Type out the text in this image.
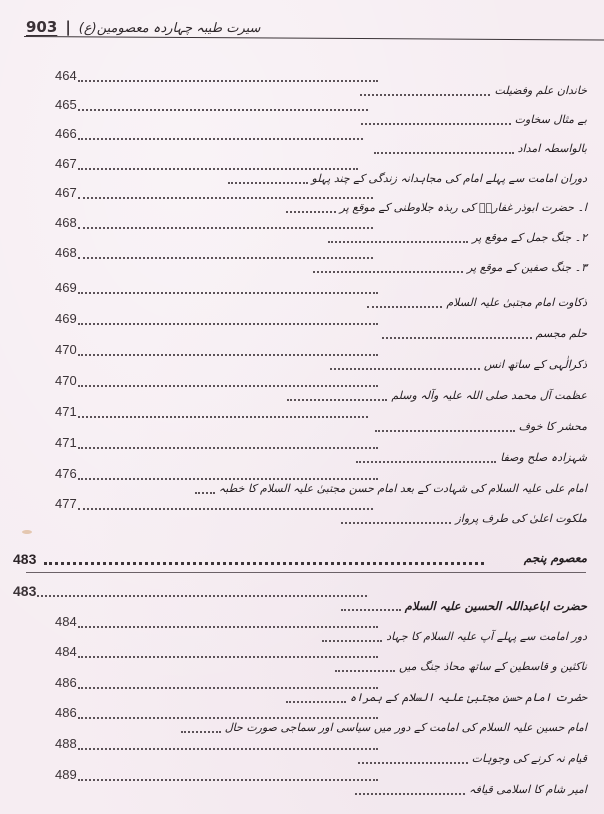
903 | سیرت طیبہ چہاردہ معصومین(ع)
464
خاندان علم وفضیلت
465
بے مثال سخاوت
466
بالواسطہ امداد
467
دوران امامت سے پہلے امام کی مجاہدانہ زندگی کے چند پہلو
467
ا۔ حضرت ابوذر غفاریؓ کی ربذہ جلاوطنی کے موقع پر
468
۲۔ جنگ جمل کے موقع پر
468
۳۔ جنگ صفین کے موقع پر
469
ذکاوت امام مجتبیٰ علیہ السلام
469
حلم مجسم
470
ذکرالٰہی کے ساتھ انس
470
عظمت آل محمد صلی اللہ علیہ وآلہ وسلم
471
محشر کا خوف
471
شہزادہ صلح وصفا
476
امام علی علیہ السلام کی شہادت کے بعد امام حسن مجتبیٰ علیہ السلام کا خطبہ
477
ملکوت اعلیٰ کی طرف پرواز
483	معصوم پنجم
483
حضرت اباعبداللہ الحسین علیہ السلام
484
دور امامت سے پہلے آپ علیہ السلام کا جہاد
484
ناکثین و قاسطین کے ساتھ محاذ جنگ میں
486
حضرت امام حسن مجتبیٰ علیہ السلام کے ہمراہ
486
امام حسین علیہ السلام کی امامت کے دور میں سیاسی اور سماجی صورت حال
488
قیام نہ کرنے کی وجوہات
489
امیر شام کا اسلامی قیافہ
